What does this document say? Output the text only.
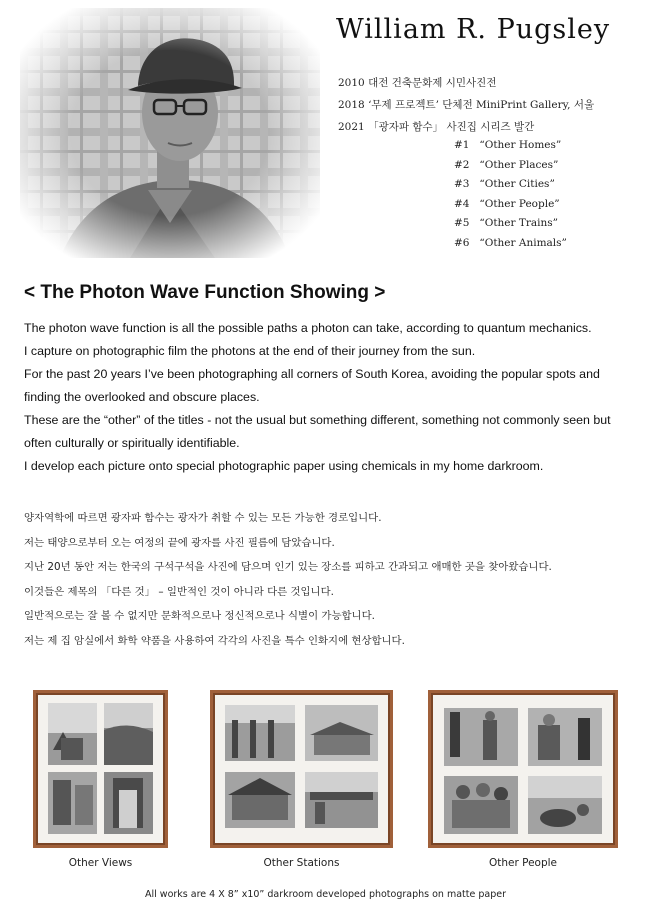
William R. Pugsley
2010 대전 건축문화제 시민사진전
2018 ‘무제 프로젝트’ 단체전 MiniPrint Gallery, 서울
2021 「광자파 함수」 사진집 시리즈 발간
#1 “Other Homes”
#2 “Other Places”
#3 “Other Cities”
#4 “Other People”
#5 “Other Trains”
#6 “Other Animals”
< The Photon Wave Function Showing >

The photon wave function is all the possible paths a photon can take, according to quantum mechanics.

I capture on photographic film the photons at the end of their journey from the sun.

For the past 20 years I’ve been photographing all corners of South Korea, avoiding the popular spots and finding the overlooked and obscure places.

These are the “other” of the titles - not the usual but something different, something not commonly seen but often culturally or spiritually identifiable.

I develop each picture onto special photographic paper using chemicals in my home darkroom.

양자역학에 따르면 광자파 함수는 광자가 취할 수 있는 모든 가능한 경로입니다.

저는 태양으로부터 오는 여정의 끝에 광자를 사진 필름에 담았습니다.

지난 20년 동안 저는 한국의 구석구석을 사진에 담으며 인기 있는 장소를 피하고 간과되고 애매한 곳을 찾아왔습니다.

이것들은 제목의 「다른 것」 – 일반적인 것이 아니라 다른 것입니다.

일반적으로는 잘 볼 수 없지만 문화적으로나 정신적으로나 식별이 가능합니다.

저는 제 집 암실에서 화학 약품을 사용하여 각각의 사진을 특수 인화지에 현상합니다.

Other Views	Other Stations	Other People
All works are 4 X 8” x10” darkroom developed photographs on matte paper
